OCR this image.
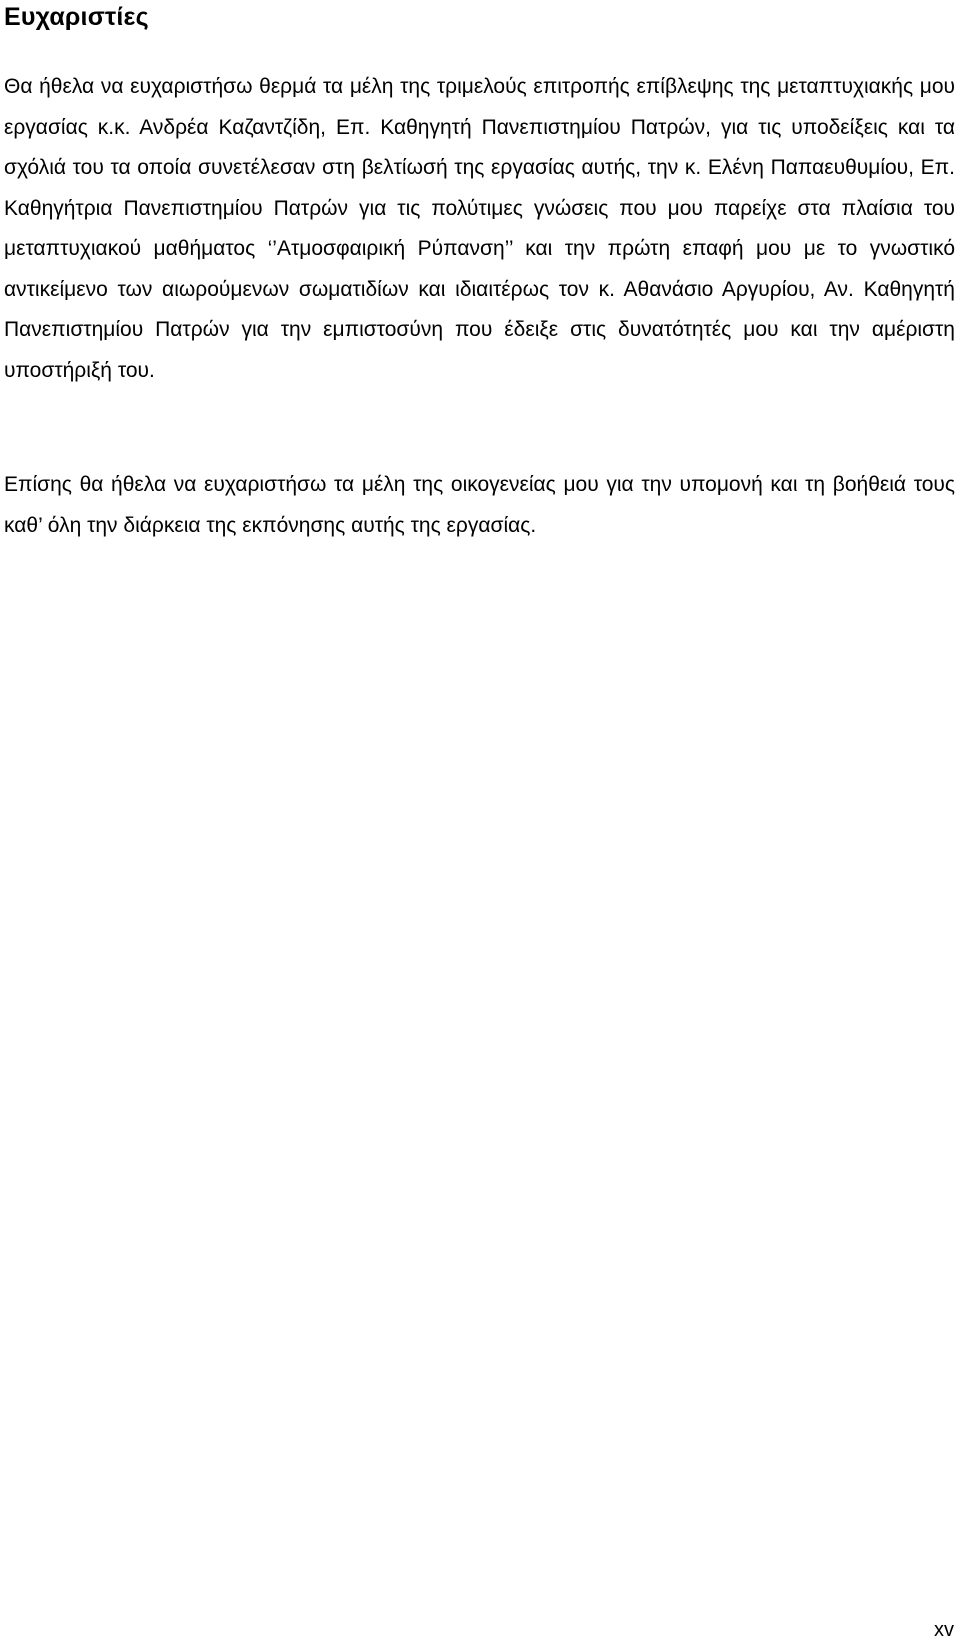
Ευχαριστίες

Θα ήθελα να ευχαριστήσω θερμά τα μέλη της τριμελούς επιτροπής επίβλεψης της μεταπτυχιακής μου εργασίας κ.κ. Ανδρέα Καζαντζίδη, Επ. Καθηγητή Πανεπιστημίου Πατρών, για τις υποδείξεις και τα σχόλιά του τα οποία συνετέλεσαν στη βελτίωσή της εργασίας αυτής, την κ. Ελένη Παπαευθυμίου, Επ. Καθηγήτρια Πανεπιστημίου Πατρών για τις πολύτιμες γνώσεις που μου παρείχε στα πλαίσια του μεταπτυχιακού μαθήματος ‘’Ατμοσφαιρική Ρύπανση’’ και την πρώτη επαφή μου με το γνωστικό αντικείμενο των αιωρούμενων σωματιδίων και ιδιαιτέρως τον κ. Αθανάσιο Αργυρίου, Αν. Καθηγητή Πανεπιστημίου Πατρών για την εμπιστοσύνη που έδειξε στις δυνατότητές μου και την αμέριστη υποστήριξή του.

Επίσης θα ήθελα να ευχαριστήσω τα μέλη της οικογενείας μου για την υπομονή και τη βοήθειά τους καθ’ όλη την διάρκεια της εκπόνησης αυτής της εργασίας.

xv
